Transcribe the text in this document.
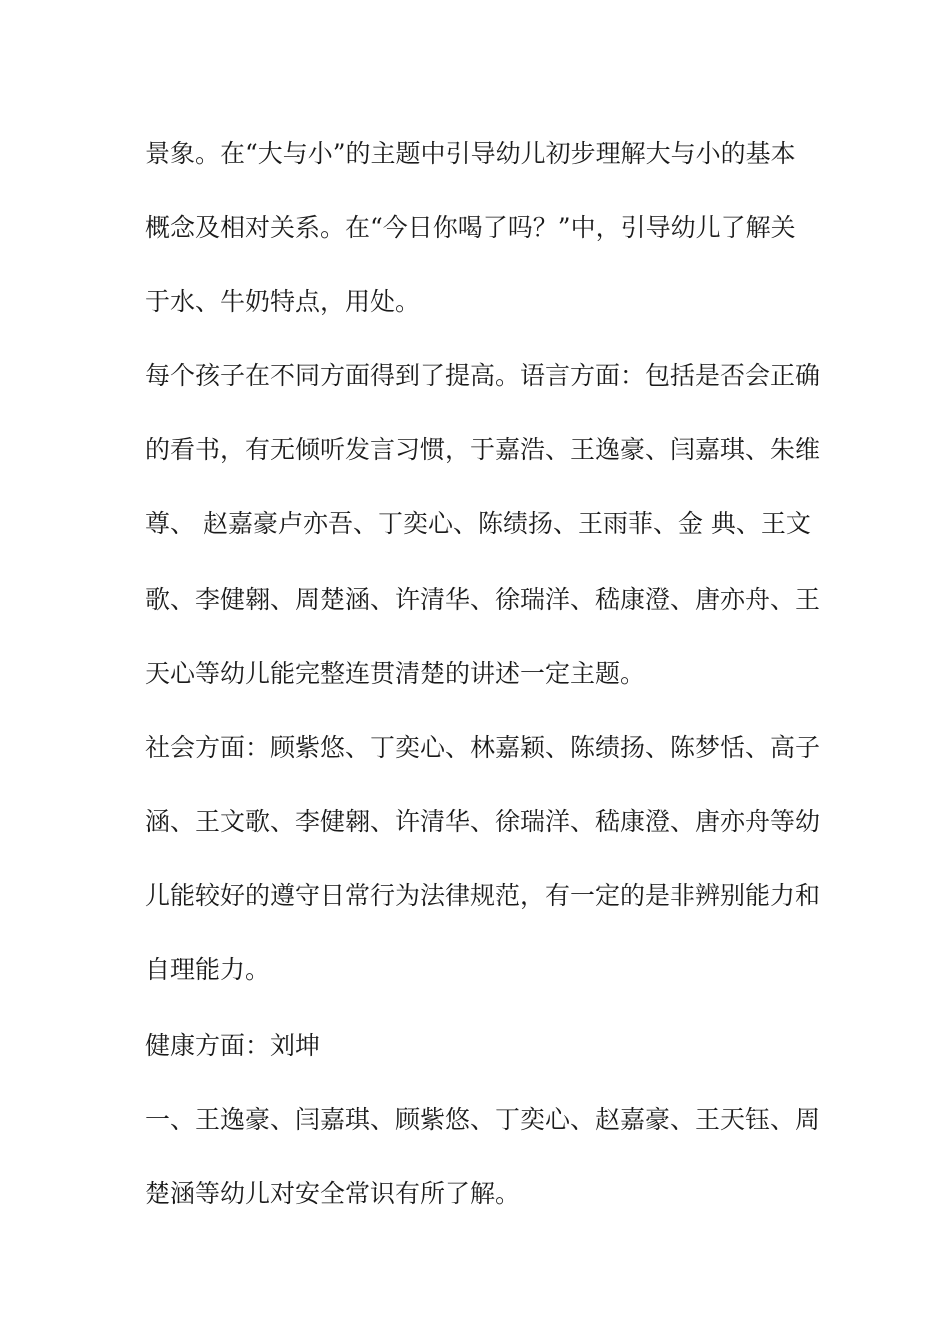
景象。在“大与小”的主题中引导幼儿初步理解大与小的基本
概念及相对关系。在“今日你喝了吗？”中，引导幼儿了解关
于水、牛奶特点，用处。
每个孩子在不同方面得到了提高。语言方面：包括是否会正确
的看书，有无倾听发言习惯，于嘉浩、王逸豪、闫嘉琪、朱维
尊、 赵嘉豪卢亦吾、丁奕心、陈绩扬、王雨菲、金 典、王文
歌、李健翱、周楚涵、许清华、徐瑞洋、嵇康澄、唐亦舟、王
天心等幼儿能完整连贯清楚的讲述一定主题。
社会方面：顾紫悠、丁奕心、林嘉颖、陈绩扬、陈梦恬、高子
涵、王文歌、李健翱、许清华、徐瑞洋、嵇康澄、唐亦舟等幼
儿能较好的遵守日常行为法律规范，有一定的是非辨别能力和
自理能力。
健康方面：刘坤
一、王逸豪、闫嘉琪、顾紫悠、丁奕心、赵嘉豪、王天钰、周
楚涵等幼儿对安全常识有所了解。
